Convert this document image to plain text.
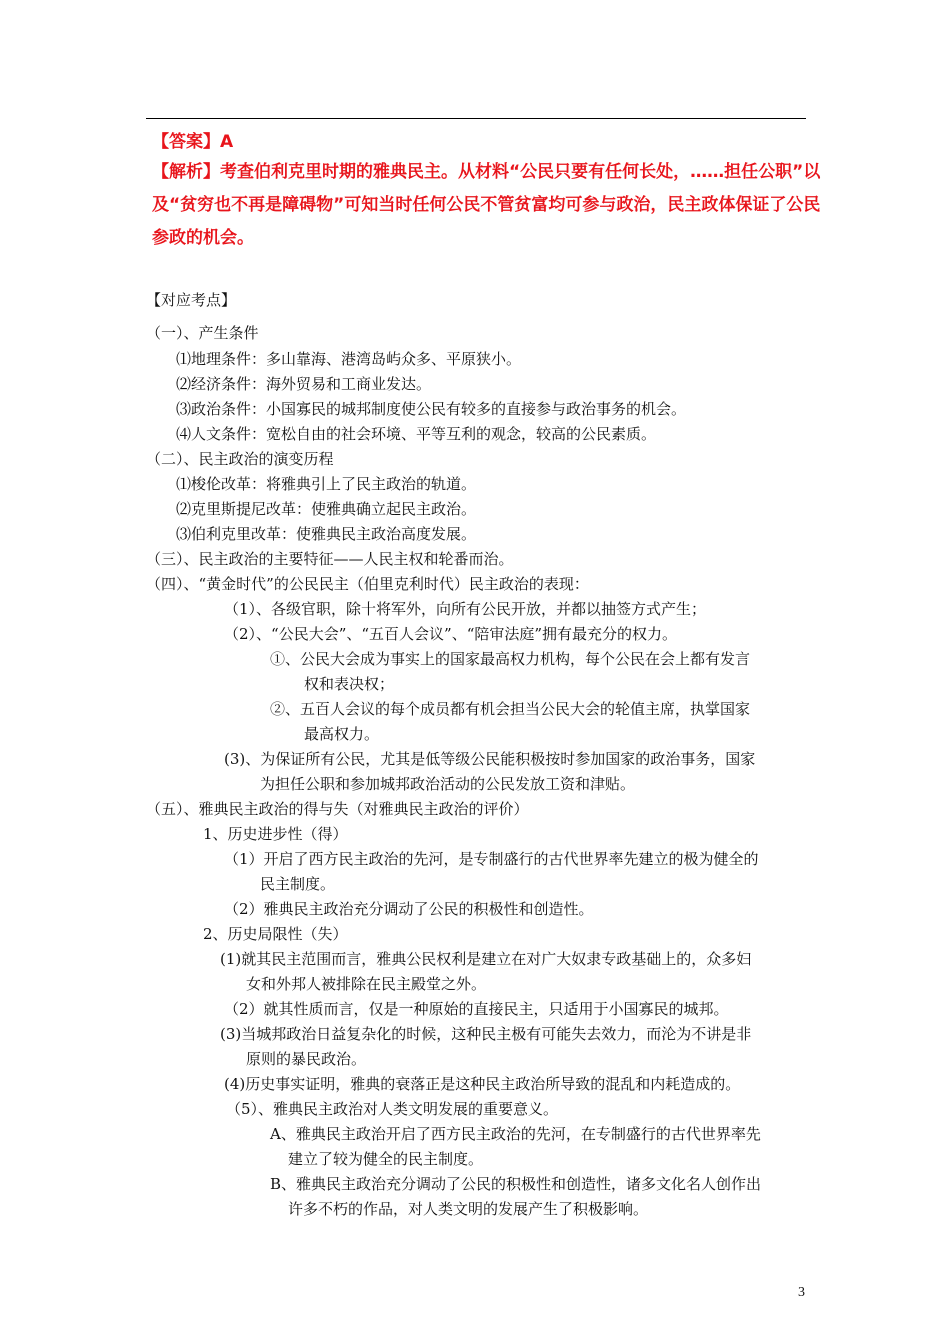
【答案】A
【解析】考查伯利克里时期的雅典民主。从材料“公民只要有任何长处，……担任公职”以
及“贫穷也不再是障碍物”可知当时任何公民不管贫富均可参与政治，民主政体保证了公民
参政的机会。
【对应考点】
（一）、产生条件
⑴地理条件：多山靠海、港湾岛屿众多、平原狭小。
⑵经济条件：海外贸易和工商业发达。
⑶政治条件：小国寡民的城邦制度使公民有较多的直接参与政治事务的机会。
⑷人文条件：宽松自由的社会环境、平等互利的观念，较高的公民素质。
（二）、民主政治的演变历程
⑴梭伦改革：将雅典引上了民主政治的轨道。
⑵克里斯提尼改革：使雅典确立起民主政治。
⑶伯利克里改革：使雅典民主政治高度发展。
（三）、民主政治的主要特征——人民主权和轮番而治。
（四）、“黄金时代”的公民民主（伯里克利时代）民主政治的表现：
（1）、各级官职，除十将军外，向所有公民开放，并都以抽签方式产生；
（2）、“公民大会”、“五百人会议”、“陪审法庭”拥有最充分的权力。
①、公民大会成为事实上的国家最高权力机构，每个公民在会上都有发言
权和表决权；
②、五百人会议的每个成员都有机会担当公民大会的轮值主席，执掌国家
最高权力。
(3)、为保证所有公民，尤其是低等级公民能积极按时参加国家的政治事务，国家
为担任公职和参加城邦政治活动的公民发放工资和津贴。
（五）、雅典民主政治的得与失（对雅典民主政治的评价）
1、历史进步性（得）
（1）开启了西方民主政治的先河，是专制盛行的古代世界率先建立的极为健全的
民主制度。
（2）雅典民主政治充分调动了公民的积极性和创造性。
2、历史局限性（失）
(1)就其民主范围而言，雅典公民权利是建立在对广大奴隶专政基础上的，众多妇
女和外邦人被排除在民主殿堂之外。
（2）就其性质而言，仅是一种原始的直接民主，只适用于小国寡民的城邦。
(3)当城邦政治日益复杂化的时候，这种民主极有可能失去效力，而沦为不讲是非
原则的暴民政治。
(4)历史事实证明，雅典的衰落正是这种民主政治所导致的混乱和内耗造成的。
（5）、雅典民主政治对人类文明发展的重要意义。
A、雅典民主政治开启了西方民主政治的先河，在专制盛行的古代世界率先
建立了较为健全的民主制度。
B、雅典民主政治充分调动了公民的积极性和创造性，诸多文化名人创作出
许多不朽的作品，对人类文明的发展产生了积极影响。
3
